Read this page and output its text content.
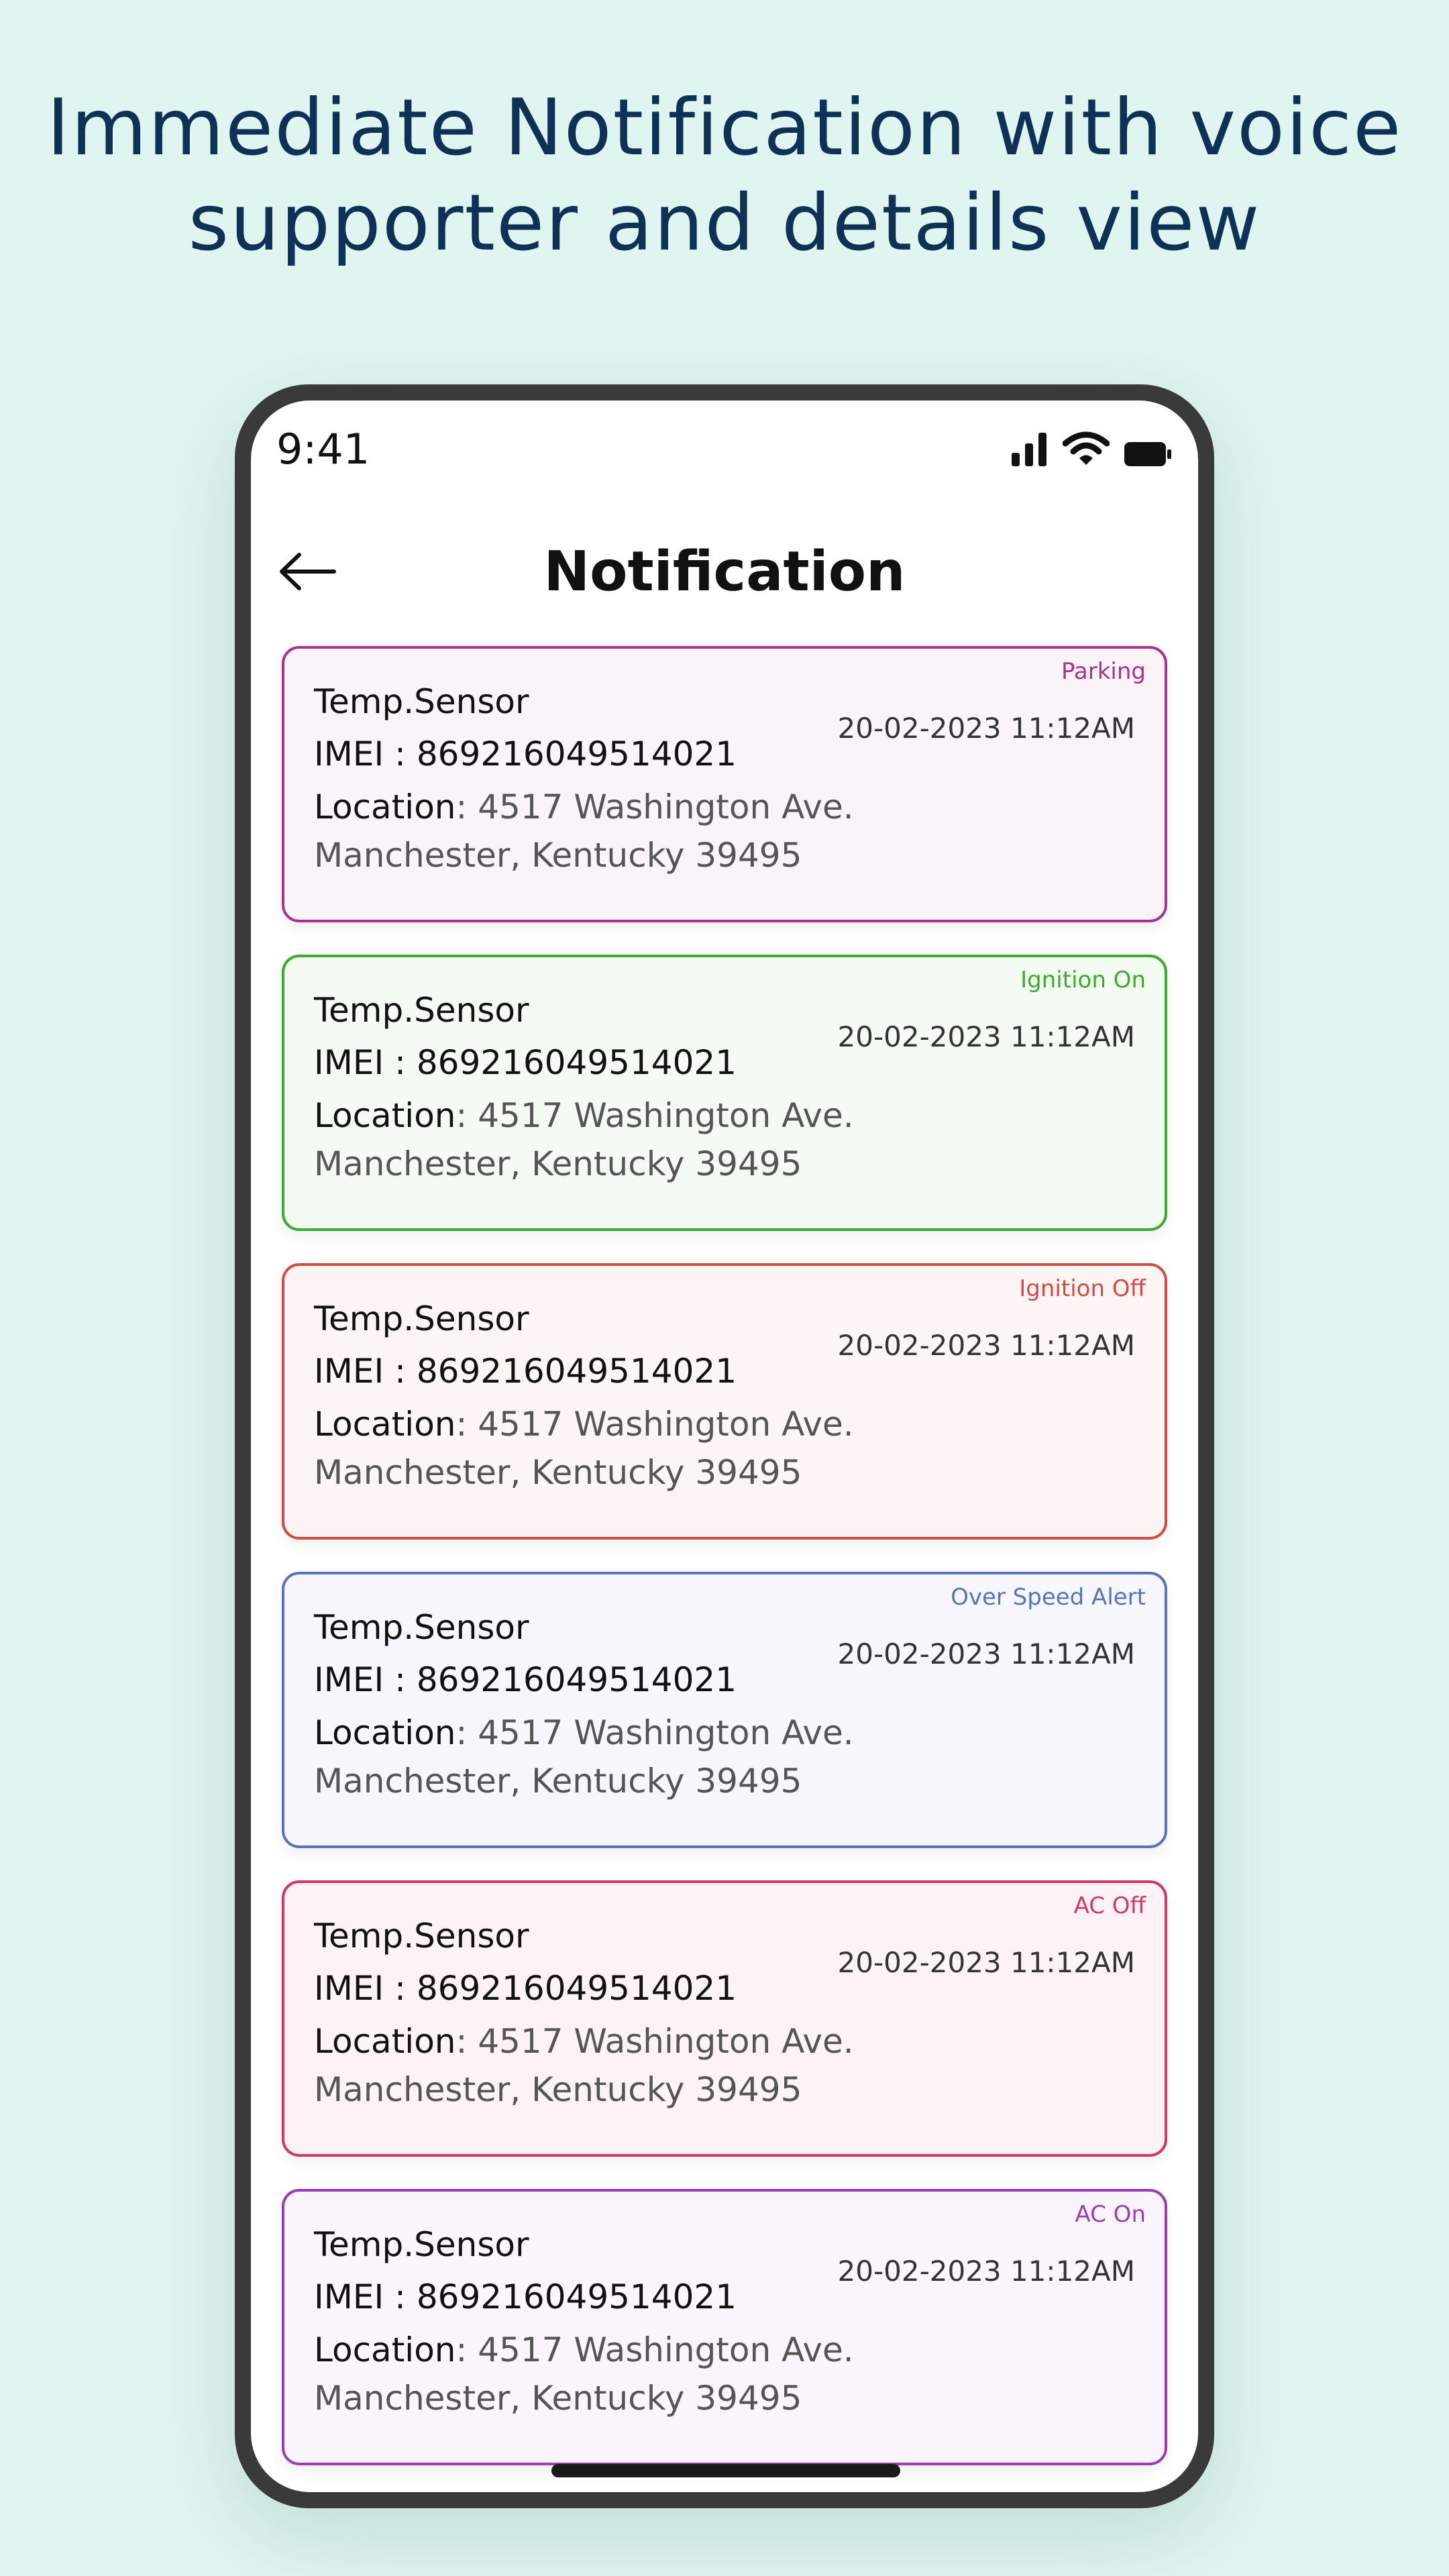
Immediate Notification with voice
supporter and details view
9:41
Notification
Parking
Temp.Sensor
20-02-2023 11:12AM
IMEI : 869216049514021
Location: 4517 Washington Ave. Manchester, Kentucky 39495
Ignition On
Temp.Sensor
20-02-2023 11:12AM
IMEI : 869216049514021
Location: 4517 Washington Ave. Manchester, Kentucky 39495
Ignition Off
Temp.Sensor
20-02-2023 11:12AM
IMEI : 869216049514021
Location: 4517 Washington Ave. Manchester, Kentucky 39495
Over Speed Alert
Temp.Sensor
20-02-2023 11:12AM
IMEI : 869216049514021
Location: 4517 Washington Ave. Manchester, Kentucky 39495
AC Off
Temp.Sensor
20-02-2023 11:12AM
IMEI : 869216049514021
Location: 4517 Washington Ave. Manchester, Kentucky 39495
AC On
Temp.Sensor
20-02-2023 11:12AM
IMEI : 869216049514021
Location: 4517 Washington Ave. Manchester, Kentucky 39495
